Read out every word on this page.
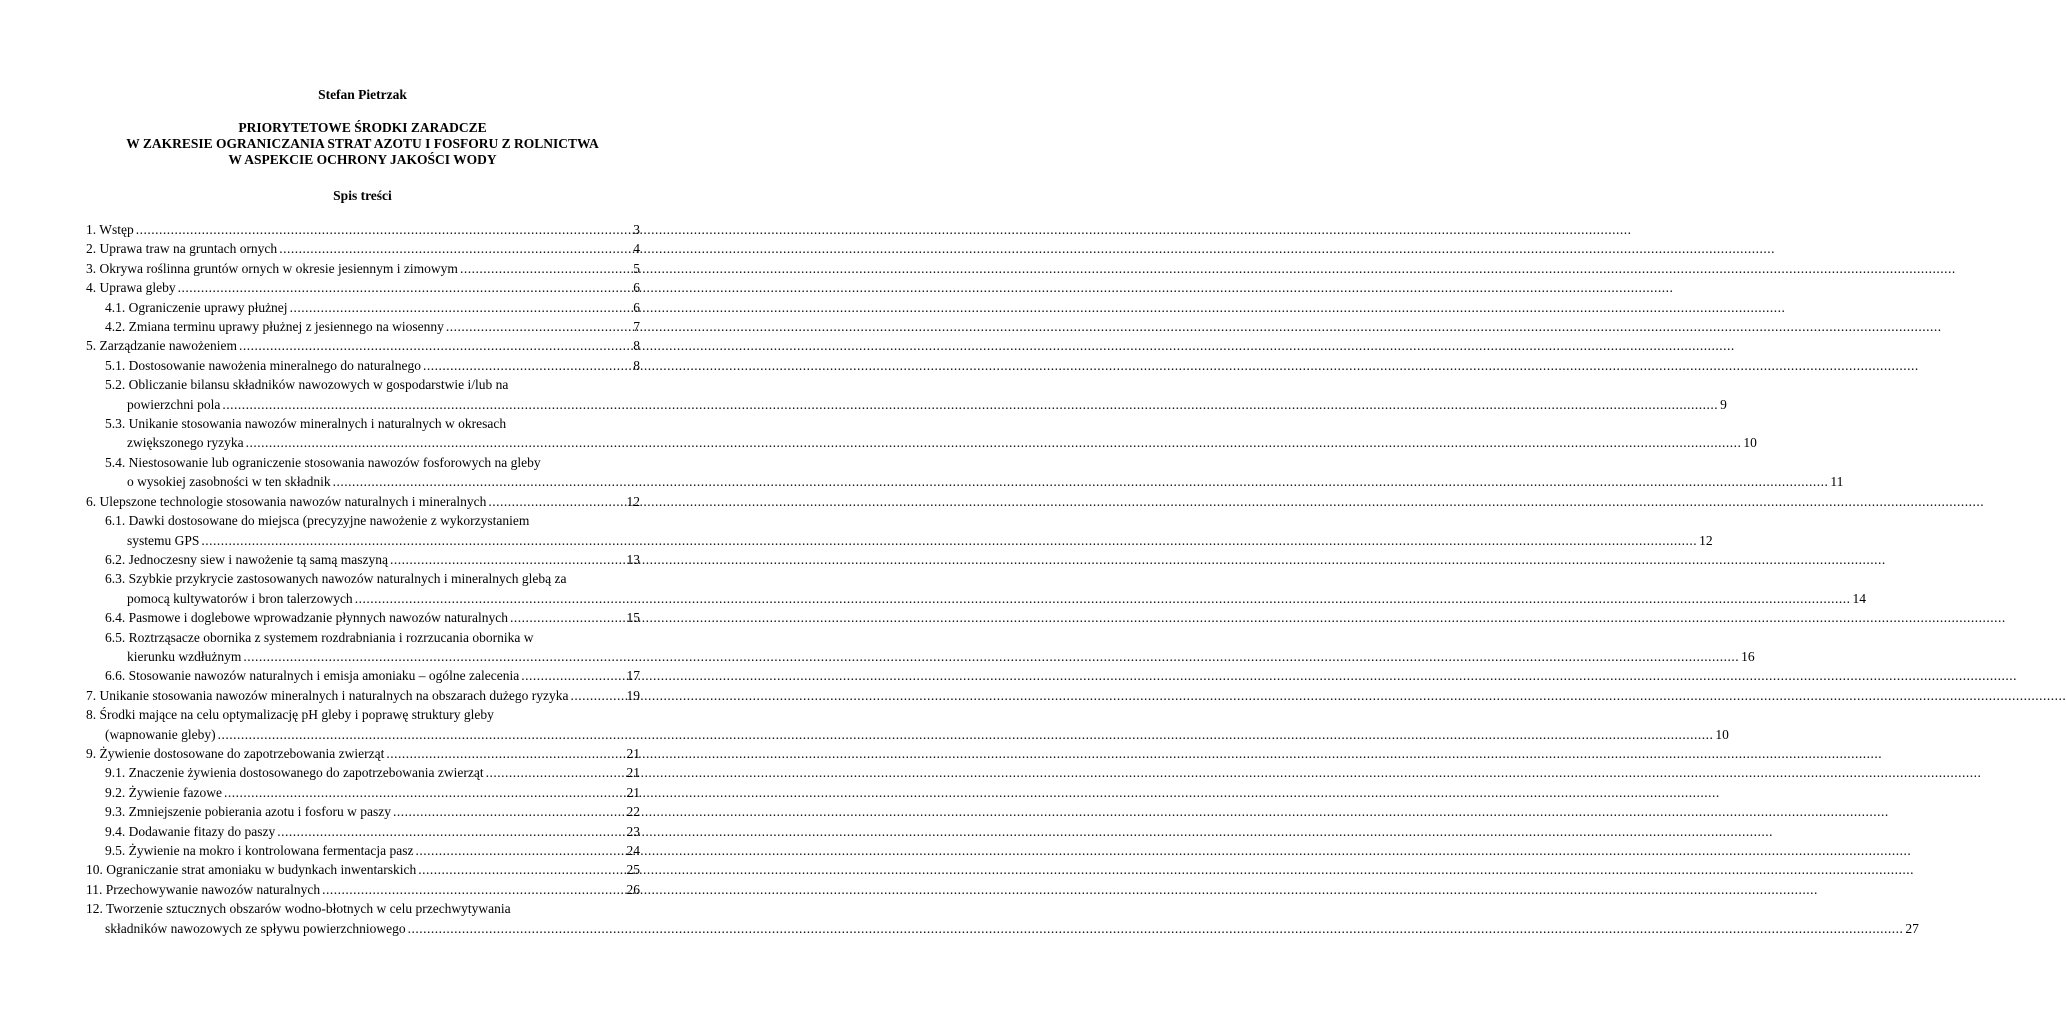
Stefan Pietrzak
PRIORYTETOWE ŚRODKI ZARADCZE
W ZAKRESIE OGRANICZANIA STRAT AZOTU I FOSFORU Z ROLNICTWA
W ASPEKCIE OCHRONY JAKOŚCI WODY
Spis treści
1. Wstęp .....	3
2. Uprawa traw na gruntach ornych .....	4
3. Okrywa roślinna gruntów ornych w okresie jesiennym i zimowym .....	5
4. Uprawa gleby .....	6
4.1. Ograniczenie uprawy płużnej .....	6
4.2. Zmiana terminu uprawy płużnej z jesiennego na wiosenny .....	7
5. Zarządzanie nawożeniem .....	8
5.1. Dostosowanie nawożenia mineralnego do naturalnego .....	8
5.2. Obliczanie bilansu składników nawozowych w gospodarstwie i/lub na
powierzchni pola .....	9
5.3. Unikanie stosowania nawozów mineralnych i naturalnych w okresach
zwiększonego ryzyka .....	10
5.4. Niestosowanie lub ograniczenie stosowania nawozów fosforowych na gleby
o wysokiej zasobności w ten składnik .....	11
6. Ulepszone technologie stosowania nawozów naturalnych i mineralnych .....	12
6.1. Dawki dostosowane do miejsca (precyzyjne nawożenie z wykorzystaniem
systemu GPS .....	12
6.2. Jednoczesny siew i nawożenie tą samą maszyną .....	13
6.3. Szybkie przykrycie zastosowanych nawozów naturalnych i mineralnych glebą za
pomocą kultywatorów i bron talerzowych .....	14
6.4. Pasmowe i doglebowe wprowadzanie płynnych nawozów naturalnych .....	15
6.5. Roztrząsacze obornika z systemem rozdrabniania i rozrzucania obornika w
kierunku wzdłużnym .....	16
6.6. Stosowanie nawozów naturalnych i emisja amoniaku – ogólne zalecenia .....	17
7. Unikanie stosowania nawozów mineralnych i naturalnych na obszarach dużego ryzyka .....	19
8. Środki mające na celu optymalizację pH gleby i poprawę struktury gleby
(wapnowanie gleby) .....	10
9. Żywienie dostosowane do zapotrzebowania zwierząt .....	21
9.1. Znaczenie żywienia dostosowanego do zapotrzebowania zwierząt .....	21
9.2. Żywienie fazowe .....	21
9.3. Zmniejszenie pobierania azotu i fosforu w paszy .....	22
9.4. Dodawanie fitazy do paszy .....	23
9.5. Żywienie na mokro i kontrolowana fermentacja pasz .....	24
10. Ograniczanie strat amoniaku w budynkach inwentarskich .....	25
11. Przechowywanie nawozów naturalnych .....	26
12. Tworzenie sztucznych obszarów wodno-błotnych w celu przechwytywania
składników nawozowych ze spływu powierzchniowego .....	27
